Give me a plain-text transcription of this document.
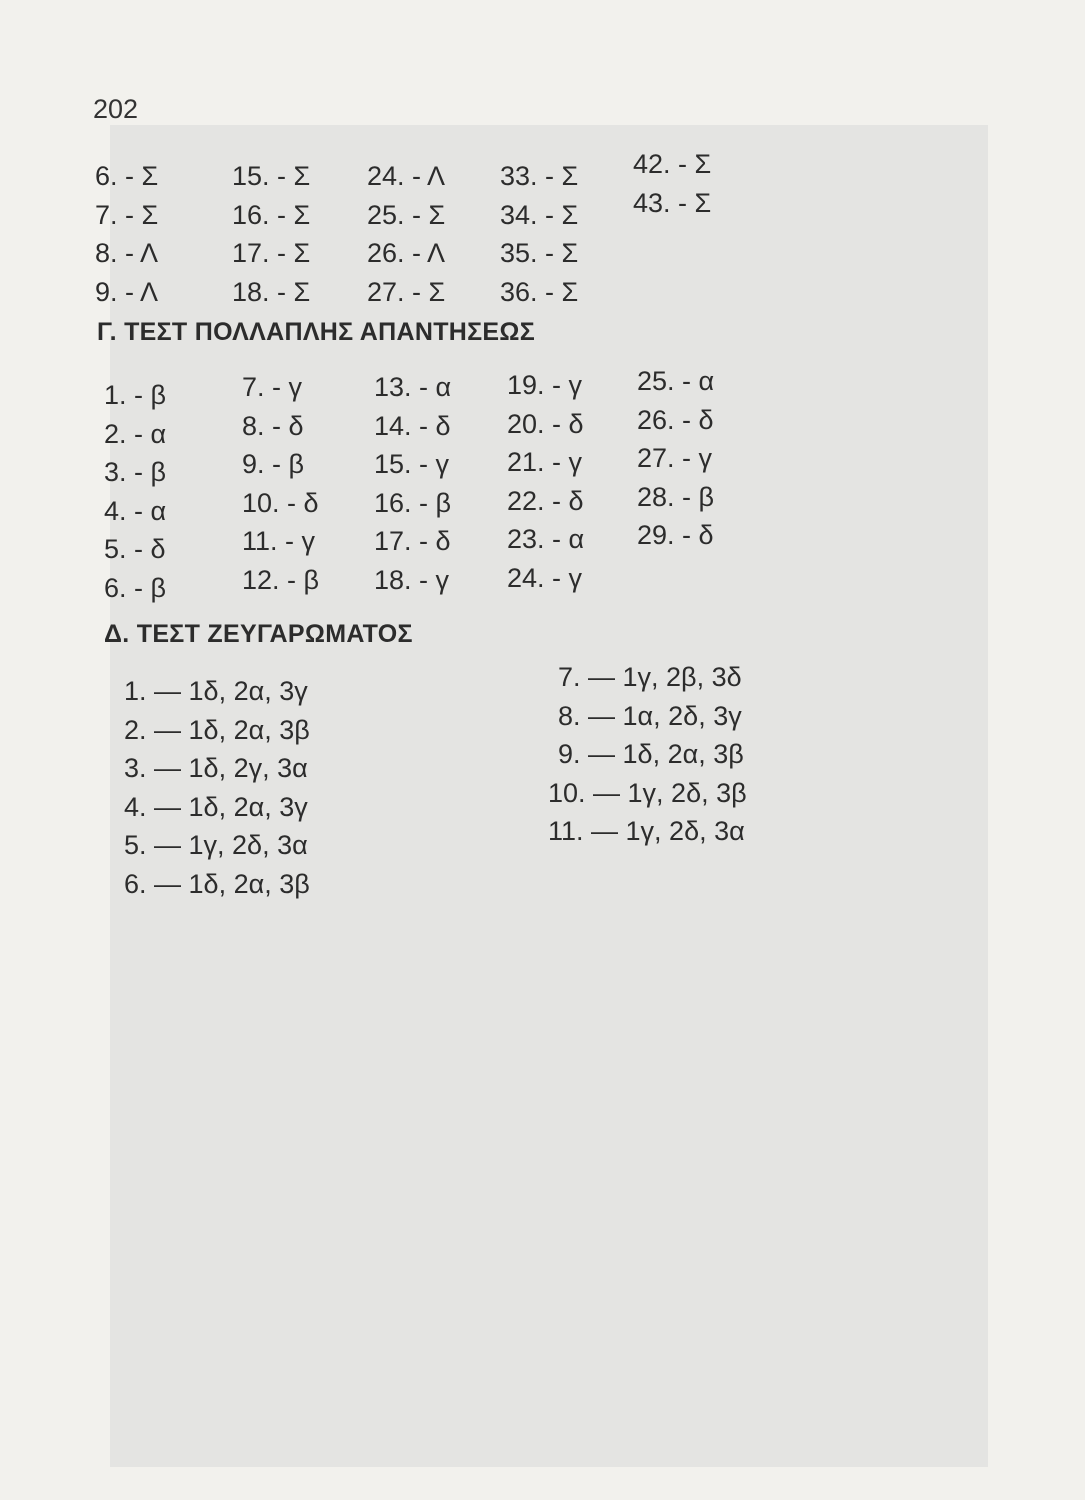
202
6. - Σ
7. - Σ
8. - Λ
9. - Λ
15. - Σ
16. - Σ
17. - Σ
18. - Σ
24. - Λ
25. - Σ
26. - Λ
27. - Σ
33. - Σ
34. - Σ
35. - Σ
36. - Σ
42. - Σ
43. - Σ
Γ. ΤΕΣΤ ΠΟΛΛΑΠΛΗΣ ΑΠΑΝΤΗΣΕΩΣ
1. - β
2. - α
3. - β
4. - α
5. - δ
6. - β
7. - γ
8. - δ
9. - β
10. - δ
11. - γ
12. - β
13. - α
14. - δ
15. - γ
16. - β
17. - δ
18. - γ
19. - γ
20. - δ
21. - γ
22. - δ
23. - α
24. - γ
25. - α
26. - δ
27. - γ
28. - β
29. - δ
Δ. ΤΕΣΤ ΖΕΥΓΑΡΩΜΑΤΟΣ
1. — 1δ, 2α, 3γ
2. — 1δ, 2α, 3β
3. — 1δ, 2γ, 3α
4. — 1δ, 2α, 3γ
5. — 1γ, 2δ, 3α
6. — 1δ, 2α, 3β
7. — 1γ, 2β, 3δ
8. — 1α, 2δ, 3γ
9. — 1δ, 2α, 3β
10. — 1γ, 2δ, 3β
11. — 1γ, 2δ, 3α
